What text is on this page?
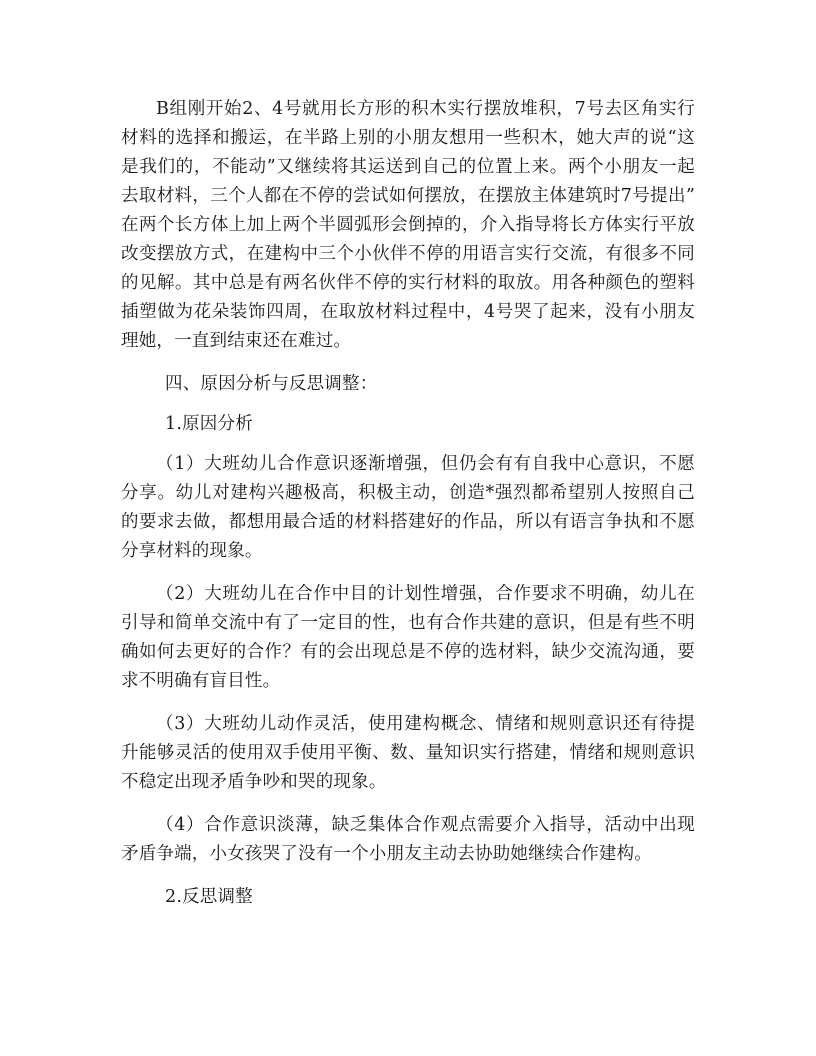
B组刚开始2、4号就用长方形的积木实行摆放堆积，7号去区角实行材料的选择和搬运，在半路上别的小朋友想用一些积木，她大声的说“这是我们的，不能动”又继续将其运送到自己的位置上来。两个小朋友一起去取材料，三个人都在不停的尝试如何摆放，在摆放主体建筑时7号提出”在两个长方体上加上两个半圆弧形会倒掉的，介入指导将长方体实行平放改变摆放方式，在建构中三个小伙伴不停的用语言实行交流，有很多不同的见解。其中总是有两名伙伴不停的实行材料的取放。用各种颜色的塑料插塑做为花朵装饰四周，在取放材料过程中，4号哭了起来，没有小朋友理她，一直到结束还在难过。

四、原因分析与反思调整：

1.原因分析

（1）大班幼儿合作意识逐渐增强，但仍会有有自我中心意识，不愿分享。幼儿对建构兴趣极高，积极主动，创造*强烈都希望别人按照自己的要求去做，都想用最合适的材料搭建好的作品，所以有语言争执和不愿分享材料的现象。

（2）大班幼儿在合作中目的计划性增强，合作要求不明确，幼儿在引导和简单交流中有了一定目的性，也有合作共建的意识，但是有些不明确如何去更好的合作？有的会出现总是不停的选材料，缺少交流沟通，要求不明确有盲目性。

（3）大班幼儿动作灵活，使用建构概念、情绪和规则意识还有待提升能够灵活的使用双手使用平衡、数、量知识实行搭建，情绪和规则意识不稳定出现矛盾争吵和哭的现象。

（4）合作意识淡薄，缺乏集体合作观点需要介入指导，活动中出现矛盾争端，小女孩哭了没有一个小朋友主动去协助她继续合作建构。

2.反思调整
